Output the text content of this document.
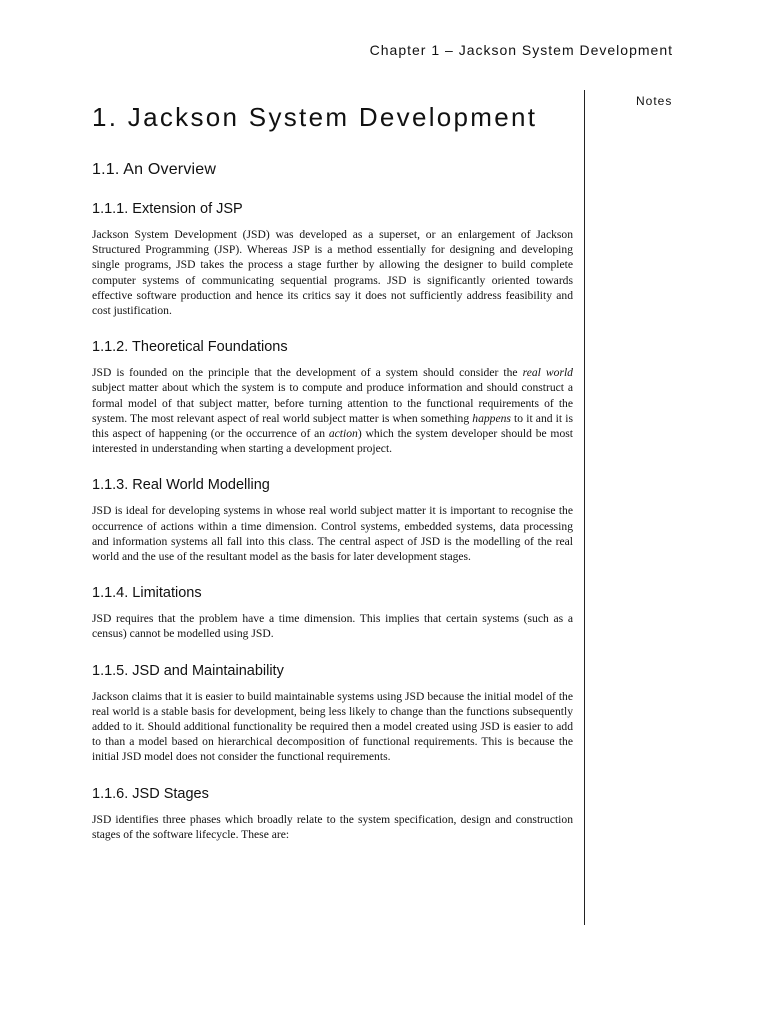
Chapter 1 – Jackson System Development
Notes
1. Jackson System Development
1.1. An Overview
1.1.1. Extension of JSP

Jackson System Development (JSD) was developed as a superset, or an enlargement of Jackson Structured Programming (JSP). Whereas JSP is a method essentially for designing and developing single programs, JSD takes the process a stage further by allowing the designer to build complete computer systems of communicating sequential programs. JSD is significantly oriented towards effective software production and hence its critics say it does not sufficiently address feasibility and cost justification.

1.1.2. Theoretical Foundations

JSD is founded on the principle that the development of a system should consider the real world subject matter about which the system is to compute and produce information and should construct a formal model of that subject matter, before turning attention to the functional requirements of the system. The most relevant aspect of real world subject matter is when something happens to it and it is this aspect of happening (or the occurrence of an action) which the system developer should be most interested in understanding when starting a development project.

1.1.3. Real World Modelling

JSD is ideal for developing systems in whose real world subject matter it is important to recognise the occurrence of actions within a time dimension. Control systems, embedded systems, data processing and information systems all fall into this class. The central aspect of JSD is the modelling of the real world and the use of the resultant model as the basis for later development stages.

1.1.4. Limitations

JSD requires that the problem have a time dimension. This implies that certain systems (such as a census) cannot be modelled using JSD.

1.1.5. JSD and Maintainability

Jackson claims that it is easier to build maintainable systems using JSD because the initial model of the real world is a stable basis for development, being less likely to change than the functions subsequently added to it. Should additional functionality be required then a model created using JSD is easier to add to than a model based on hierarchical decomposition of functional requirements. This is because the initial JSD model does not consider the functional requirements.

1.1.6. JSD Stages

JSD identifies three phases which broadly relate to the system specification, design and construction stages of the software lifecycle. These are:
